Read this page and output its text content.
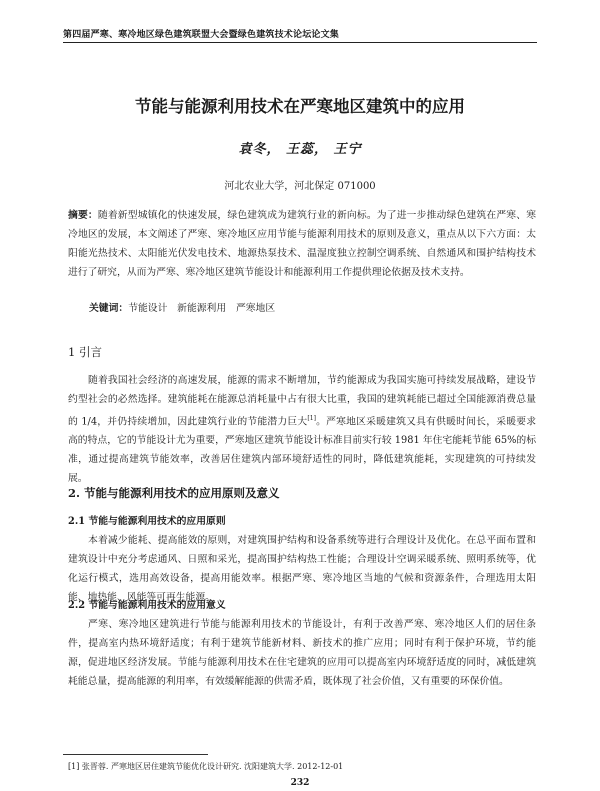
第四届严寒、寒冷地区绿色建筑联盟大会暨绿色建筑技术论坛论文集
节能与能源利用技术在严寒地区建筑中的应用
袁冬， 王蕊， 王宁
河北农业大学，河北保定 071000
摘要：随着新型城镇化的快速发展，绿色建筑成为建筑行业的新向标。为了进一步推动绿色建筑在严寒、寒冷地区的发展，本文阐述了严寒、寒冷地区应用节能与能源利用技术的原则及意义，重点从以下六方面：太阳能光热技术、太阳能光伏发电技术、地源热泵技术、温湿度独立控制空调系统、自然通风和围护结构技术进行了研究，从而为严寒、寒冷地区建筑节能设计和能源利用工作提供理论依据及技术支持。
关键词：节能设计　新能源利用　严寒地区
1 引言
随着我国社会经济的高速发展，能源的需求不断增加，节约能源成为我国实施可持续发展战略，建设节约型社会的必然选择。建筑能耗在能源总消耗量中占有很大比重，我国的建筑耗能已超过全国能源消费总量的 1/4，并仍持续增加，因此建筑行业的节能潜力巨大[1]。严寒地区采暖建筑又具有供暖时间长，采暖要求高的特点，它的节能设计尤为重要，严寒地区建筑节能设计标准目前实行较 1981 年住宅能耗节能 65%的标准，通过提高建筑节能效率，改善居住建筑内部环境舒适性的同时，降低建筑能耗，实现建筑的可持续发展。
2. 节能与能源利用技术的应用原则及意义
2.1 节能与能源利用技术的应用原则
本着减少能耗、提高能效的原则，对建筑围护结构和设备系统等进行合理设计及优化。在总平面布置和建筑设计中充分考虑通风、日照和采光，提高围护结构热工性能；合理设计空调采暖系统、照明系统等，优化运行模式，选用高效设备，提高用能效率。根据严寒、寒冷地区当地的气候和资源条件，合理选用太阳能、地热能、风能等可再生能源。
2.2 节能与能源利用技术的应用意义
严寒、寒冷地区建筑进行节能与能源利用技术的节能设计，有利于改善严寒、寒冷地区人们的居住条件，提高室内热环境舒适度；有利于建筑节能新材料、新技术的推广应用；同时有利于保护环境，节约能源，促进地区经济发展。节能与能源利用技术在住宅建筑的应用可以提高室内环境舒适度的同时，减低建筑耗能总量，提高能源的利用率，有效缓解能源的供需矛盾，既体现了社会价值，又有重要的环保价值。
[1] 张晋蓉. 严寒地区居住建筑节能优化设计研究. 沈阳建筑大学. 2012-12-01
232
